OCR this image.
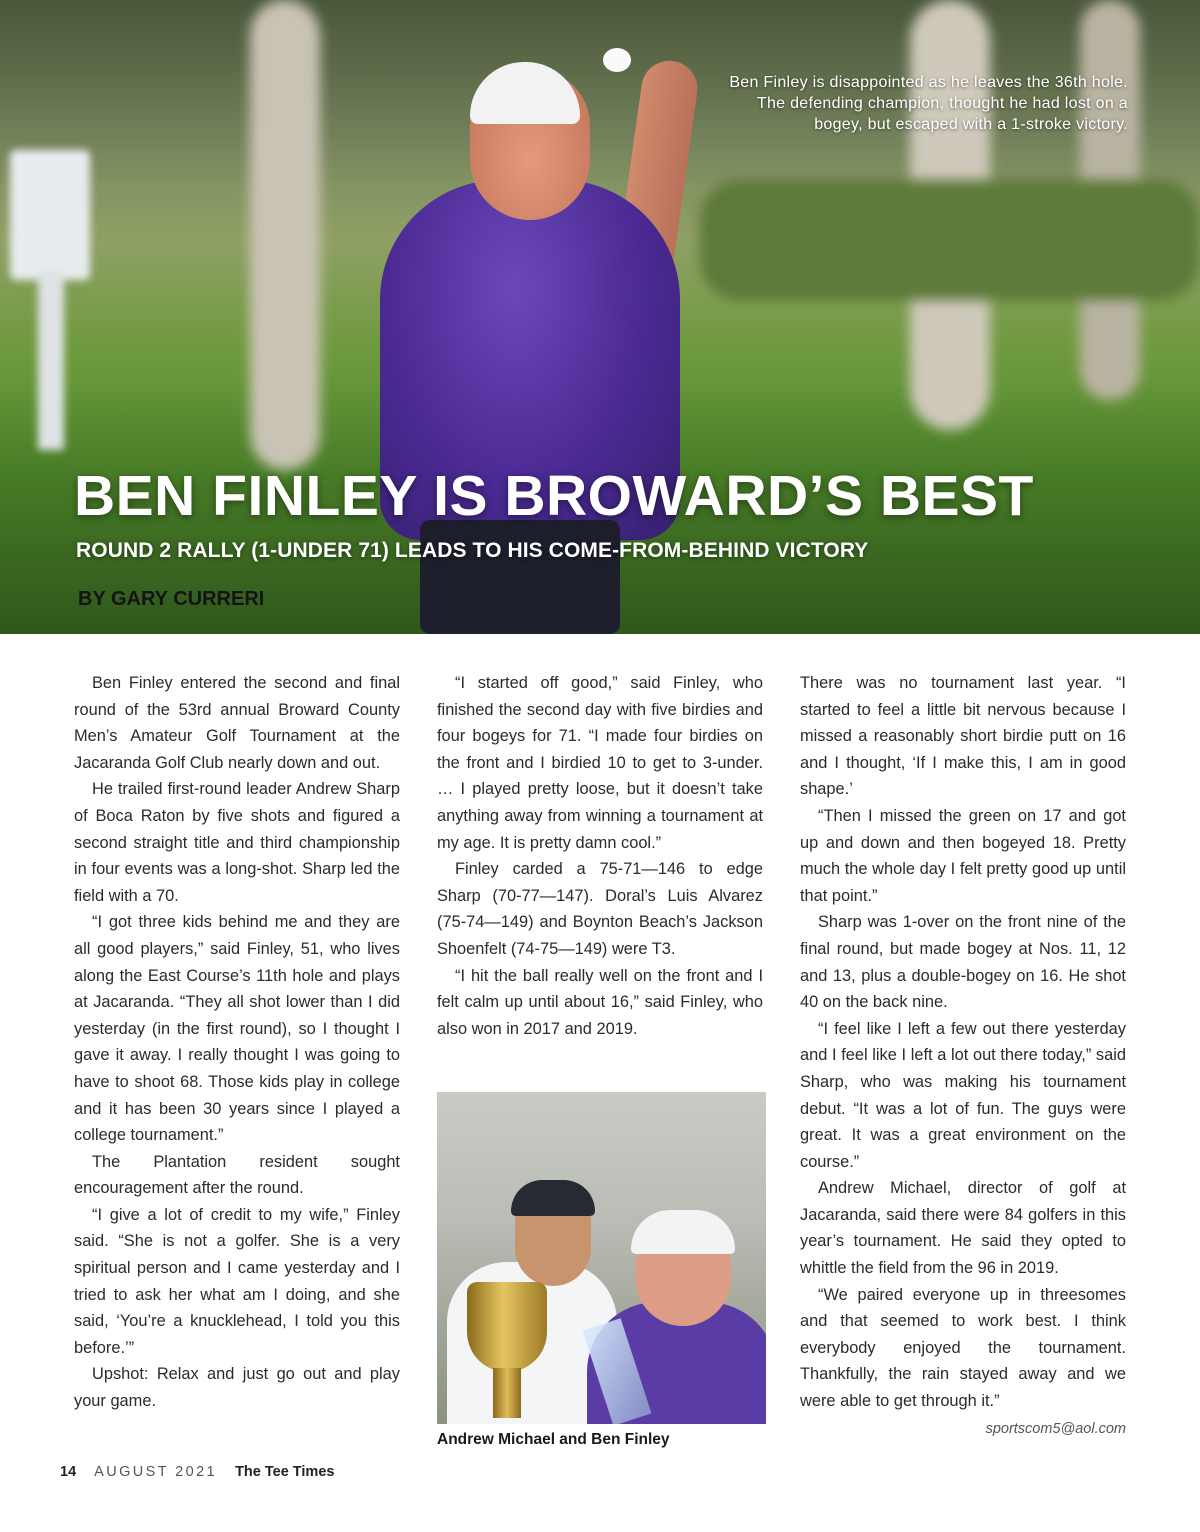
Ben Finley is disappointed as he leaves the 36th hole. The defending champion, thought he had lost on a bogey, but escaped with a 1-stroke victory.
BEN FINLEY IS BROWARD’S BEST
ROUND 2 RALLY (1-UNDER 71) LEADS TO HIS COME-FROM-BEHIND VICTORY
BY GARY CURRERI

Ben Finley entered the second and final round of the 53rd annual Broward County Men’s Amateur Golf Tournament at the Jacaranda Golf Club nearly down and out.

He trailed first-round leader Andrew Sharp of Boca Raton by five shots and figured a second straight title and third championship in four events was a long-shot. Sharp led the field with a 70.

“I got three kids behind me and they are all good players,” said Finley, 51, who lives along the East Course’s 11th hole and plays at Jacaranda. “They all shot lower than I did yesterday (in the first round), so I thought I gave it away. I really thought I was going to have to shoot 68. Those kids play in college and it has been 30 years since I played a college tournament.”

The Plantation resident sought encouragement after the round.

“I give a lot of credit to my wife,” Finley said. “She is not a golfer. She is a very spiritual person and I came yesterday and I tried to ask her what am I doing, and she said, ‘You’re a knucklehead, I told you this before.’”

Upshot: Relax and just go out and play your game.

“I started off good,” said Finley, who finished the second day with five birdies and four bogeys for 71. “I made four birdies on the front and I birdied 10 to get to 3-under. … I played pretty loose, but it doesn’t take anything away from winning a tournament at my age. It is pretty damn cool.”

Finley carded a 75-71—146 to edge Sharp (70-77—147). Doral’s Luis Alvarez (75-74—149) and Boynton Beach’s Jackson Shoenfelt (74-75—149) were T3.

“I hit the ball really well on the front and I felt calm up until about 16,” said Finley, who also won in 2017 and 2019.

Andrew Michael and Ben Finley

There was no tournament last year. “I started to feel a little bit nervous because I missed a reasonably short birdie putt on 16 and I thought, ‘If I make this, I am in good shape.’

“Then I missed the green on 17 and got up and down and then bogeyed 18. Pretty much the whole day I felt pretty good up until that point.”

Sharp was 1-over on the front nine of the final round, but made bogey at Nos. 11, 12 and 13, plus a double-bogey on 16. He shot 40 on the back nine.

“I feel like I left a few out there yesterday and I feel like I left a lot out there today,” said Sharp, who was making his tournament debut. “It was a lot of fun. The guys were great. It was a great environment on the course.”

Andrew Michael, director of golf at Jacaranda, said there were 84 golfers in this year’s tournament. He said they opted to whittle the field from the 96 in 2019.

“We paired everyone up in threesomes and that seemed to work best. I think everybody enjoyed the tournament. Thankfully, the rain stayed away and we were able to get through it.”

sportscom5@aol.com
14 AUGUST 2021 The Tee Times
